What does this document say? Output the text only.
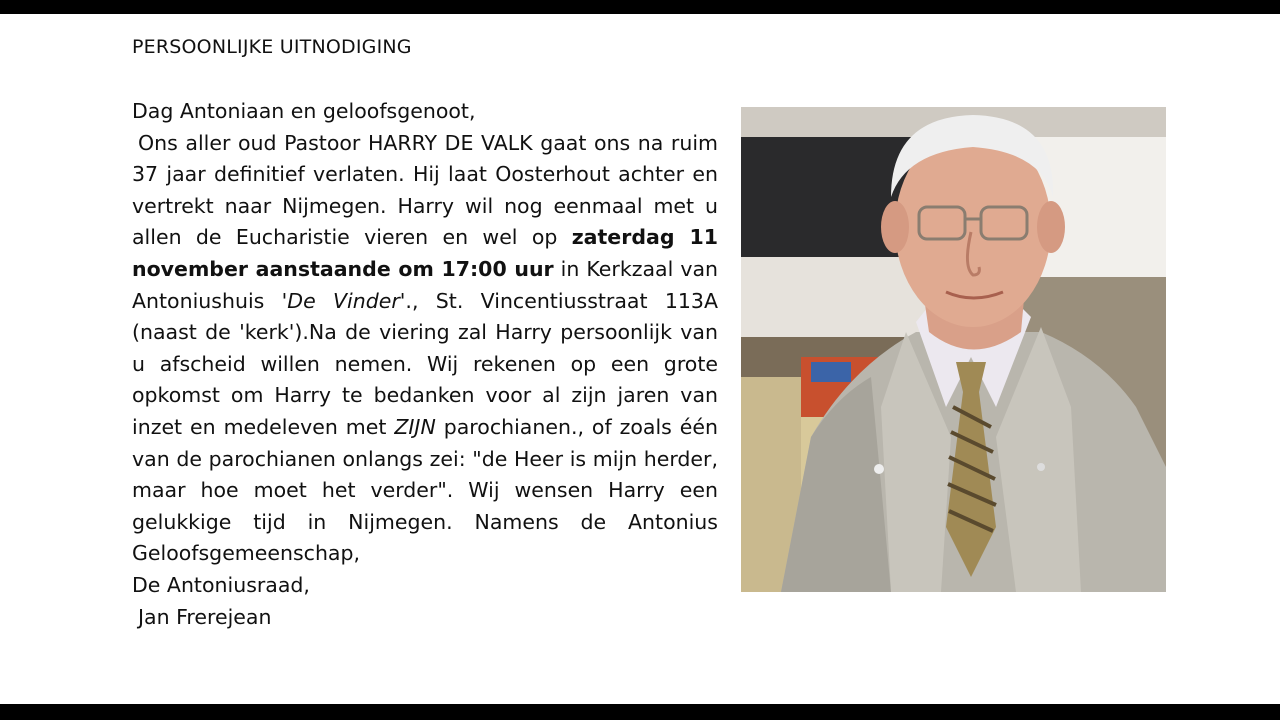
PERSOONLIJKE UITNODIGING

Dag Antoniaan en geloofsgenoot,

Ons aller oud Pastoor HARRY DE VALK gaat ons na ruim 37 jaar definitief verlaten. Hij laat Oosterhout achter en vertrekt naar Nijmegen. Harry wil nog eenmaal met u allen de Eucharistie vieren en wel op zaterdag 11 november aanstaande om 17:00 uur in Kerkzaal van Antoniushuis 'De Vinder'., St. Vincentiusstraat 113A (naast de 'kerk').Na de viering zal Harry persoonlijk van u afscheid willen nemen. Wij rekenen op een grote opkomst om Harry te bedanken voor al zijn jaren van inzet en medeleven met ZIJN parochianen., of zoals één van de parochianen onlangs zei: "de Heer is mijn herder, maar hoe moet het verder". Wij wensen Harry een gelukkige tijd in Nijmegen. Namens de Antonius Geloofsgemeenschap,

De Antoniusraad,

Jan Frerejean
